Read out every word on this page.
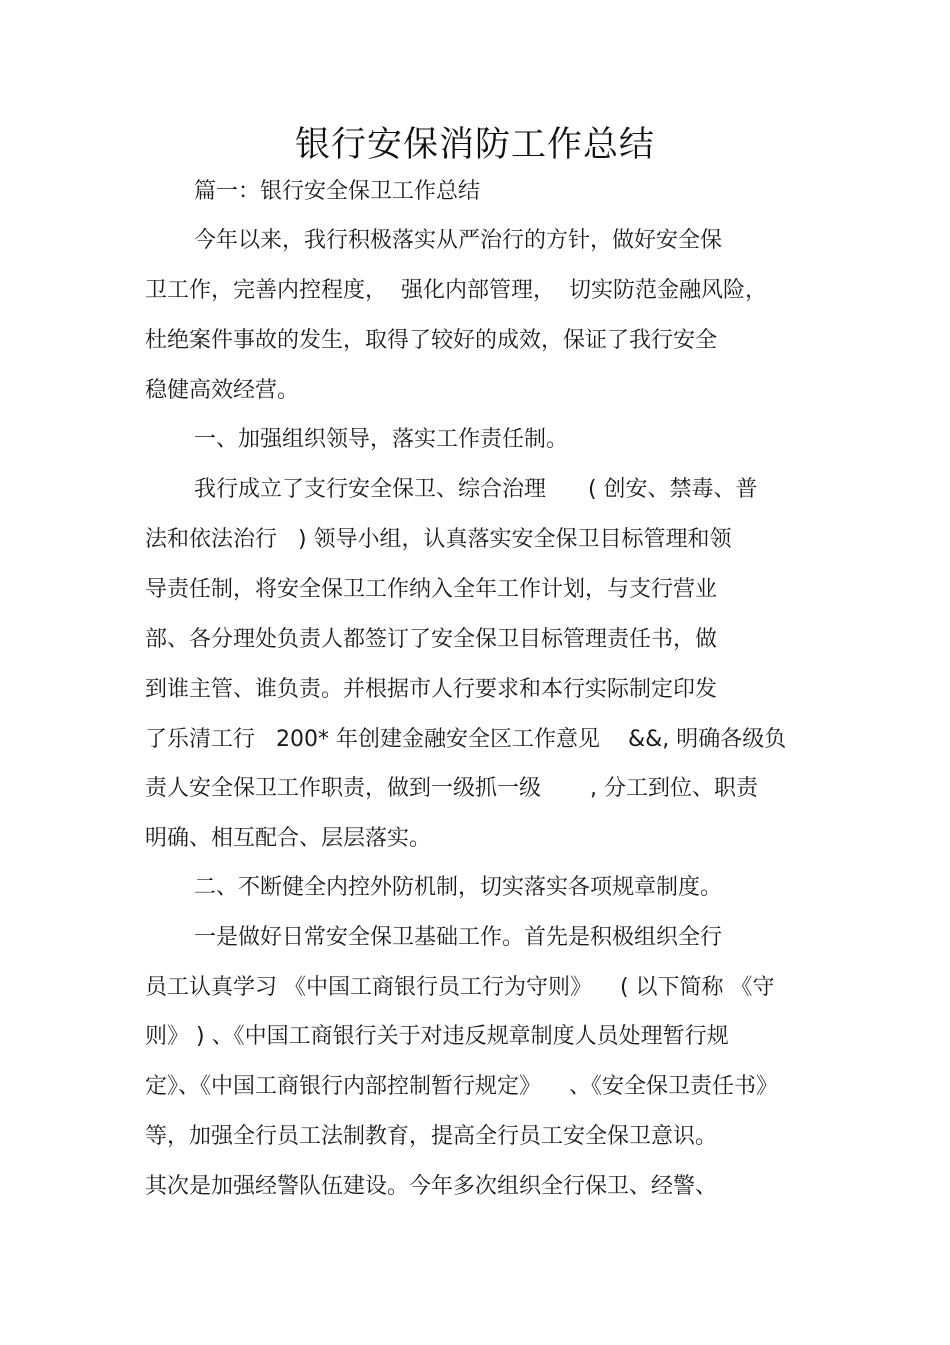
银行安保消防工作总结
篇一：银行安全保卫工作总结
今年以来，我行积极落实从严治行的方针，做好安全保
卫工作，完善内控程度，  强化内部管理，  切实防范金融风险，
杜绝案件事故的发生，取得了较好的成效，保证了我行安全
稳健高效经营。
一、加强组织领导，落实工作责任制。
我行成立了支行安全保卫、综合治理      ( 创安、禁毒、普
法和依法治行   ) 领导小组，认真落实安全保卫目标管理和领
导责任制，将安全保卫工作纳入全年工作计划，与支行营业
部、各分理处负责人都签订了安全保卫目标管理责任书，做
到谁主管、谁负责。并根据市人行要求和本行实际制定印发
了乐清工行   200* 年创建金融安全区工作意见    &&, 明确各级负
责人安全保卫工作职责，做到一级抓一级       , 分工到位、职责
明确、相互配合、层层落实。
二、不断健全内控外防机制，切实落实各项规章制度。
一是做好日常安全保卫基础工作。首先是积极组织全行
员工认真学习 《中国工商银行员工行为守则》    ( 以下简称 《守
则》 ) 、《中国工商银行关于对违反规章制度人员处理暂行规
定》、《中国工商银行内部控制暂行规定》    、《安全保卫责任书》
等，加强全行员工法制教育，提高全行员工安全保卫意识。
其次是加强经警队伍建设。今年多次组织全行保卫、经警、
